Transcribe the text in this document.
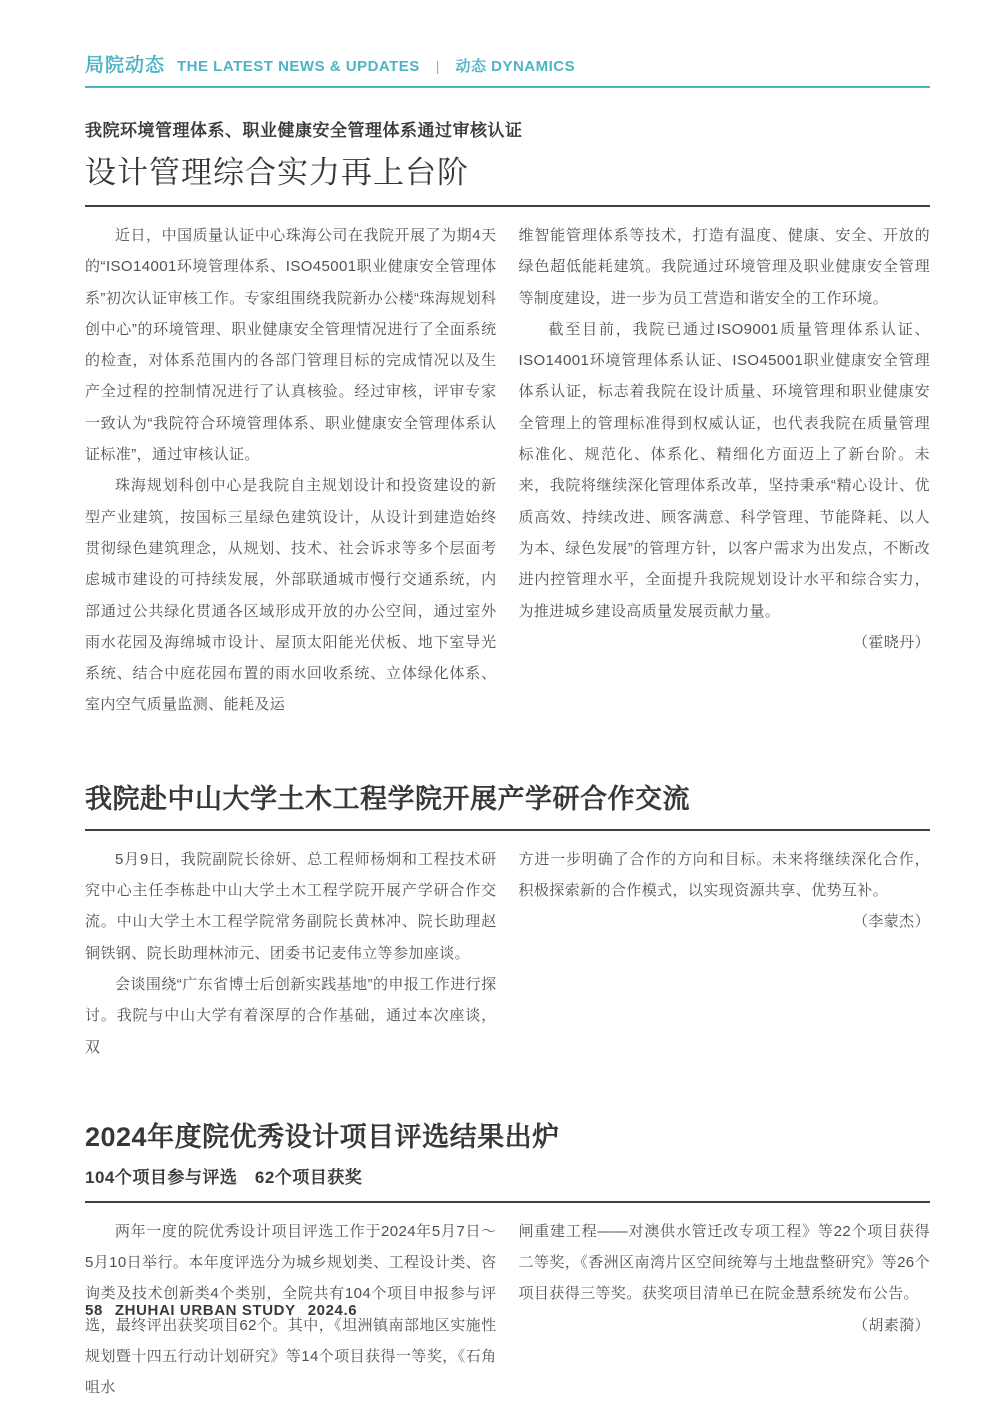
局院动态 THE LATEST NEWS & UPDATES | 动态 DYNAMICS
我院环境管理体系、职业健康安全管理体系通过审核认证
设计管理综合实力再上台阶

近日，中国质量认证中心珠海公司在我院开展了为期4天的“ISO14001环境管理体系、ISO45001职业健康安全管理体系”初次认证审核工作。专家组围绕我院新办公楼“珠海规划科创中心”的环境管理、职业健康安全管理情况进行了全面系统的检查，对体系范围内的各部门管理目标的完成情况以及生产全过程的控制情况进行了认真核验。经过审核，评审专家一致认为“我院符合环境管理体系、职业健康安全管理体系认证标准”，通过审核认证。

珠海规划科创中心是我院自主规划设计和投资建设的新型产业建筑，按国标三星绿色建筑设计，从设计到建造始终贯彻绿色建筑理念，从规划、技术、社会诉求等多个层面考虑城市建设的可持续发展，外部联通城市慢行交通系统，内部通过公共绿化贯通各区域形成开放的办公空间，通过室外雨水花园及海绵城市设计、屋顶太阳能光伏板、地下室导光系统、结合中庭花园布置的雨水回收系统、立体绿化体系、室内空气质量监测、能耗及运

维智能管理体系等技术，打造有温度、健康、安全、开放的绿色超低能耗建筑。我院通过环境管理及职业健康安全管理等制度建设，进一步为员工营造和谐安全的工作环境。

截至目前，我院已通过ISO9001质量管理体系认证、ISO14001环境管理体系认证、ISO45001职业健康安全管理体系认证，标志着我院在设计质量、环境管理和职业健康安全管理上的管理标准得到权威认证，也代表我院在质量管理标准化、规范化、体系化、精细化方面迈上了新台阶。未来，我院将继续深化管理体系改革，坚持秉承“精心设计、优质高效、持续改进、顾客满意、科学管理、节能降耗、以人为本、绿色发展”的管理方针，以客户需求为出发点，不断改进内控管理水平，全面提升我院规划设计水平和综合实力，为推进城乡建设高质量发展贡献力量。

（霍晓丹）

我院赴中山大学土木工程学院开展产学研合作交流

5月9日，我院副院长徐妍、总工程师杨炯和工程技术研究中心主任李栋赴中山大学土木工程学院开展产学研合作交流。中山大学土木工程学院常务副院长黄林冲、院长助理赵铜铁钢、院长助理林沛元、团委书记麦伟立等参加座谈。

会谈围绕“广东省博士后创新实践基地”的申报工作进行探讨。我院与中山大学有着深厚的合作基础，通过本次座谈，双

方进一步明确了合作的方向和目标。未来将继续深化合作，积极探索新的合作模式，以实现资源共享、优势互补。

（李蒙杰）

2024年度院优秀设计项目评选结果出炉
104个项目参与评选　62个项目获奖

两年一度的院优秀设计项目评选工作于2024年5月7日～5月10日举行。本年度评选分为城乡规划类、工程设计类、咨询类及技术创新类4个类别，全院共有104个项目申报参与评选，最终评出获奖项目62个。其中，《坦洲镇南部地区实施性规划暨十四五行动计划研究》等14个项目获得一等奖，《石角咀水

闸重建工程——对澳供水管迁改专项工程》等22个项目获得二等奖，《香洲区南湾片区空间统筹与土地盘整研究》等26个项目获得三等奖。获奖项目清单已在院金慧系统发布公告。

（胡素漪）

58 ZHUHAI URBAN STUDY 2024.6
